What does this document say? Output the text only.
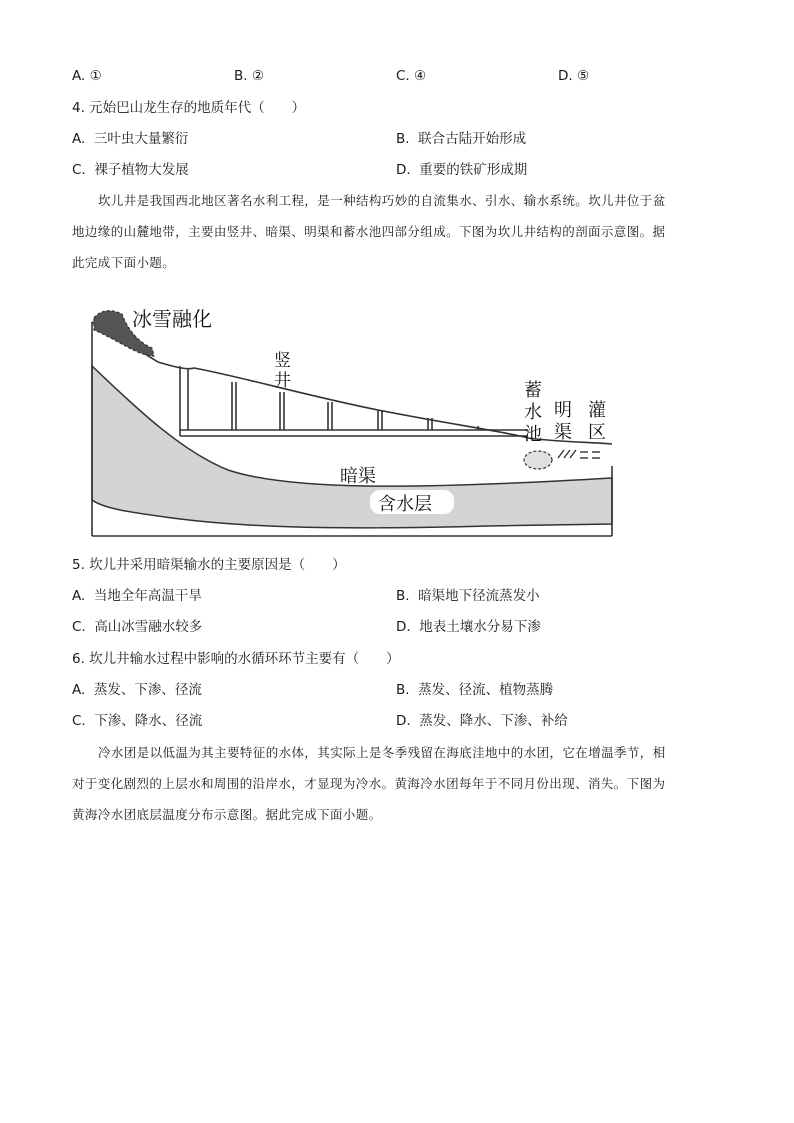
A. ①	B. ②	C. ④	D. ⑤
4. 元始巴山龙生存的地质年代（　　）
A. 三叶虫大量繁衍	B. 联合古陆开始形成
C. 裸子植物大发展	D. 重要的铁矿形成期
坎儿井是我国西北地区著名水利工程，是一种结构巧妙的自流集水、引水、输水系统。坎儿井位于盆
地边缘的山麓地带，主要由竖井、暗渠、明渠和蓄水池四部分组成。下图为坎儿井结构的剖面示意图。据
此完成下面小题。
冰雪融化
竖
井	蓄
水
池
明
渠
灌
区
暗渠
含水层
5. 坎儿井采用暗渠输水的主要原因是（　　）
A. 当地全年高温干旱	B. 暗渠地下径流蒸发小
C. 高山冰雪融水较多	D. 地表土壤水分易下渗
6. 坎儿井输水过程中影响的水循环环节主要有（　　）
A. 蒸发、下渗、径流	B. 蒸发、径流、植物蒸腾
C. 下渗、降水、径流	D. 蒸发、降水、下渗、补给
冷水团是以低温为其主要特征的水体，其实际上是冬季残留在海底洼地中的水团，它在增温季节，相
对于变化剧烈的上层水和周围的沿岸水，才显现为冷水。黄海冷水团每年于不同月份出现、消失。下图为
黄海冷水团底层温度分布示意图。据此完成下面小题。
